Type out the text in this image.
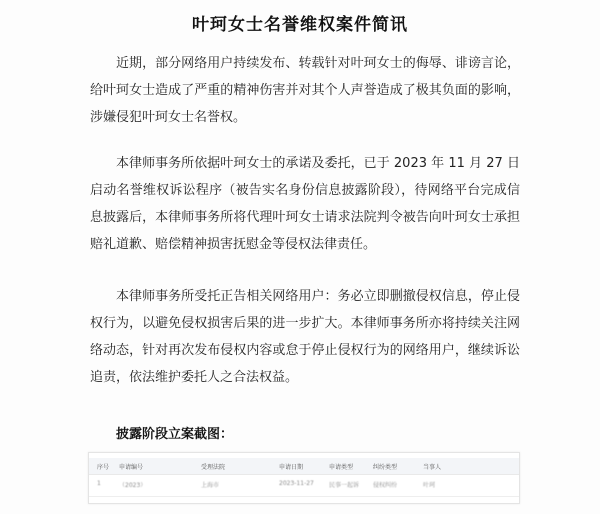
叶珂女士名誉维权案件简讯
近期，部分网络用户持续发布、转载针对叶珂女士的侮辱、诽谤言论，给叶珂女士造成了严重的精神伤害并对其个人声誉造成了极其负面的影响，涉嫌侵犯叶珂女士名誉权。
本律师事务所依据叶珂女士的承诺及委托，已于 2023 年 11 月 27 日启动名誉维权诉讼程序（被告实名身份信息披露阶段），待网络平台完成信息披露后，本律师事务所将代理叶珂女士请求法院判令被告向叶珂女士承担赔礼道歉、赔偿精神损害抚慰金等侵权法律责任。
本律师事务所受托正告相关网络用户：务必立即删撤侵权信息，停止侵权行为，以避免侵权损害后果的进一步扩大。本律师事务所亦将持续关注网络动态，针对再次发布侵权内容或怠于停止侵权行为的网络用户，继续诉讼追责，依法维护委托人之合法权益。
披露阶段立案截图：
序号 申请编号	受理法院	申请日期	申请类型	纠纷类型	当事人
1	（2023）	上海市	2023-11-27	民事一起诉 侵权纠纷	叶珂
